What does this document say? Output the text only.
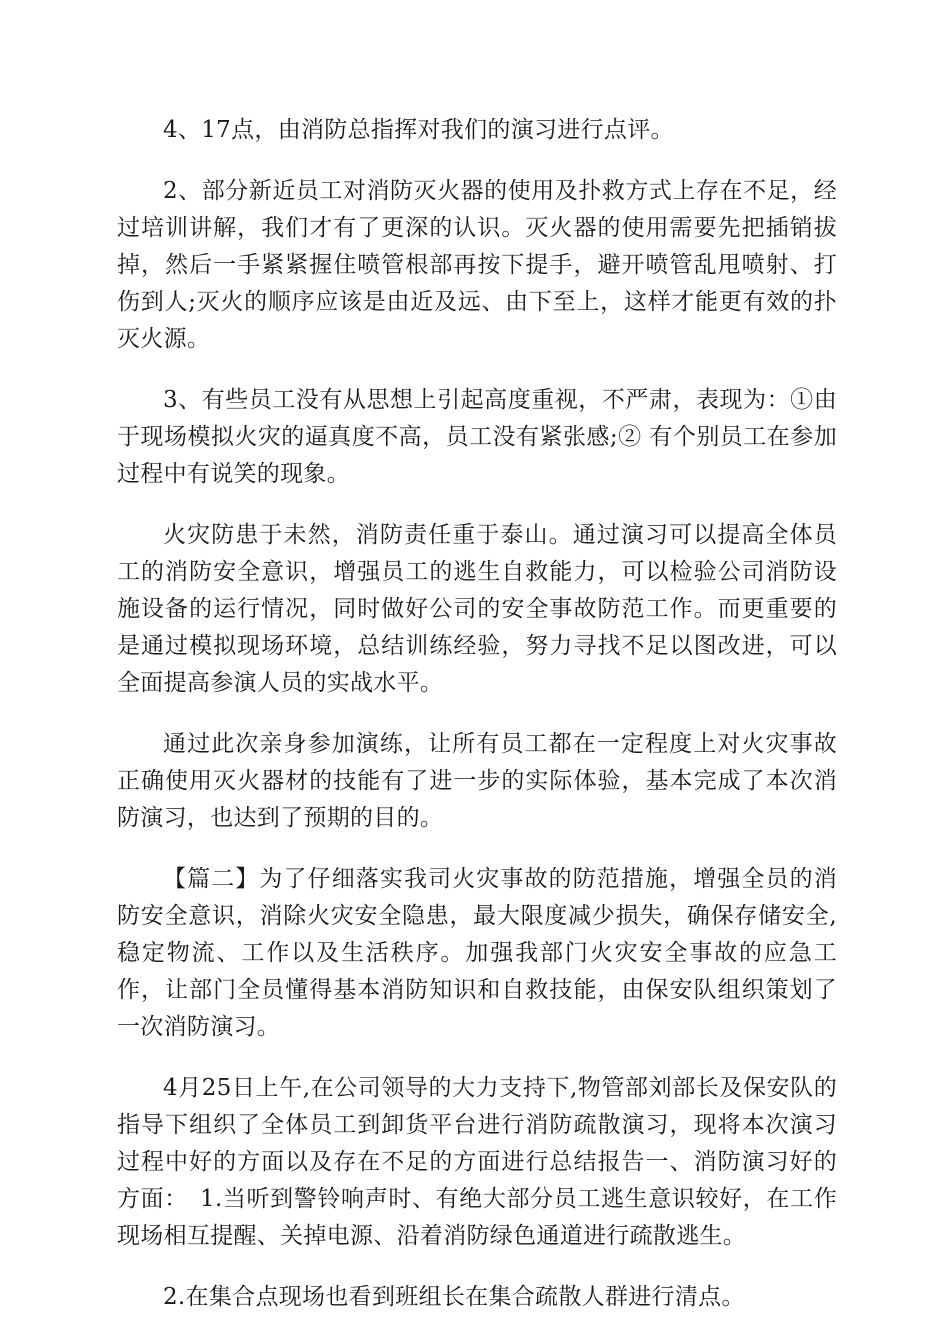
4、17点，由消防总指挥对我们的演习进行点评。

2、部分新近员工对消防灭火器的使用及扑救方式上存在不足，经过培训讲解，我们才有了更深的认识。灭火器的使用需要先把插销拔掉，然后一手紧紧握住喷管根部再按下提手，避开喷管乱甩喷射、打伤到人;灭火的顺序应该是由近及远、由下至上，这样才能更有效的扑灭火源。

3、有些员工没有从思想上引起高度重视，不严肃，表现为：①由于现场模拟火灾的逼真度不高，员工没有紧张感;② 有个别员工在参加过程中有说笑的现象。

火灾防患于未然，消防责任重于泰山。通过演习可以提高全体员工的消防安全意识，增强员工的逃生自救能力，可以检验公司消防设施设备的运行情况，同时做好公司的安全事故防范工作。而更重要的是通过模拟现场环境，总结训练经验，努力寻找不足以图改进，可以全面提高参演人员的实战水平。

通过此次亲身参加演练，让所有员工都在一定程度上对火灾事故正确使用灭火器材的技能有了进一步的实际体验，基本完成了本次消防演习，也达到了预期的目的。

【篇二】为了仔细落实我司火灾事故的防范措施，增强全员的消防安全意识，消除火灾安全隐患，最大限度减少损失，确保存储安全,稳定物流、工作以及生活秩序。加强我部门火灾安全事故的应急工作，让部门全员懂得基本消防知识和自救技能，由保安队组织策划了一次消防演习。

4月25日上午,在公司领导的大力支持下,物管部刘部长及保安队的指导下组织了全体员工到卸货平台进行消防疏散演习，现将本次演习过程中好的方面以及存在不足的方面进行总结报告一、消防演习好的方面：　1.当听到警铃响声时、有绝大部分员工逃生意识较好，在工作现场相互提醒、关掉电源、沿着消防绿色通道进行疏散逃生。

2.在集合点现场也看到班组长在集合疏散人群进行清点。
